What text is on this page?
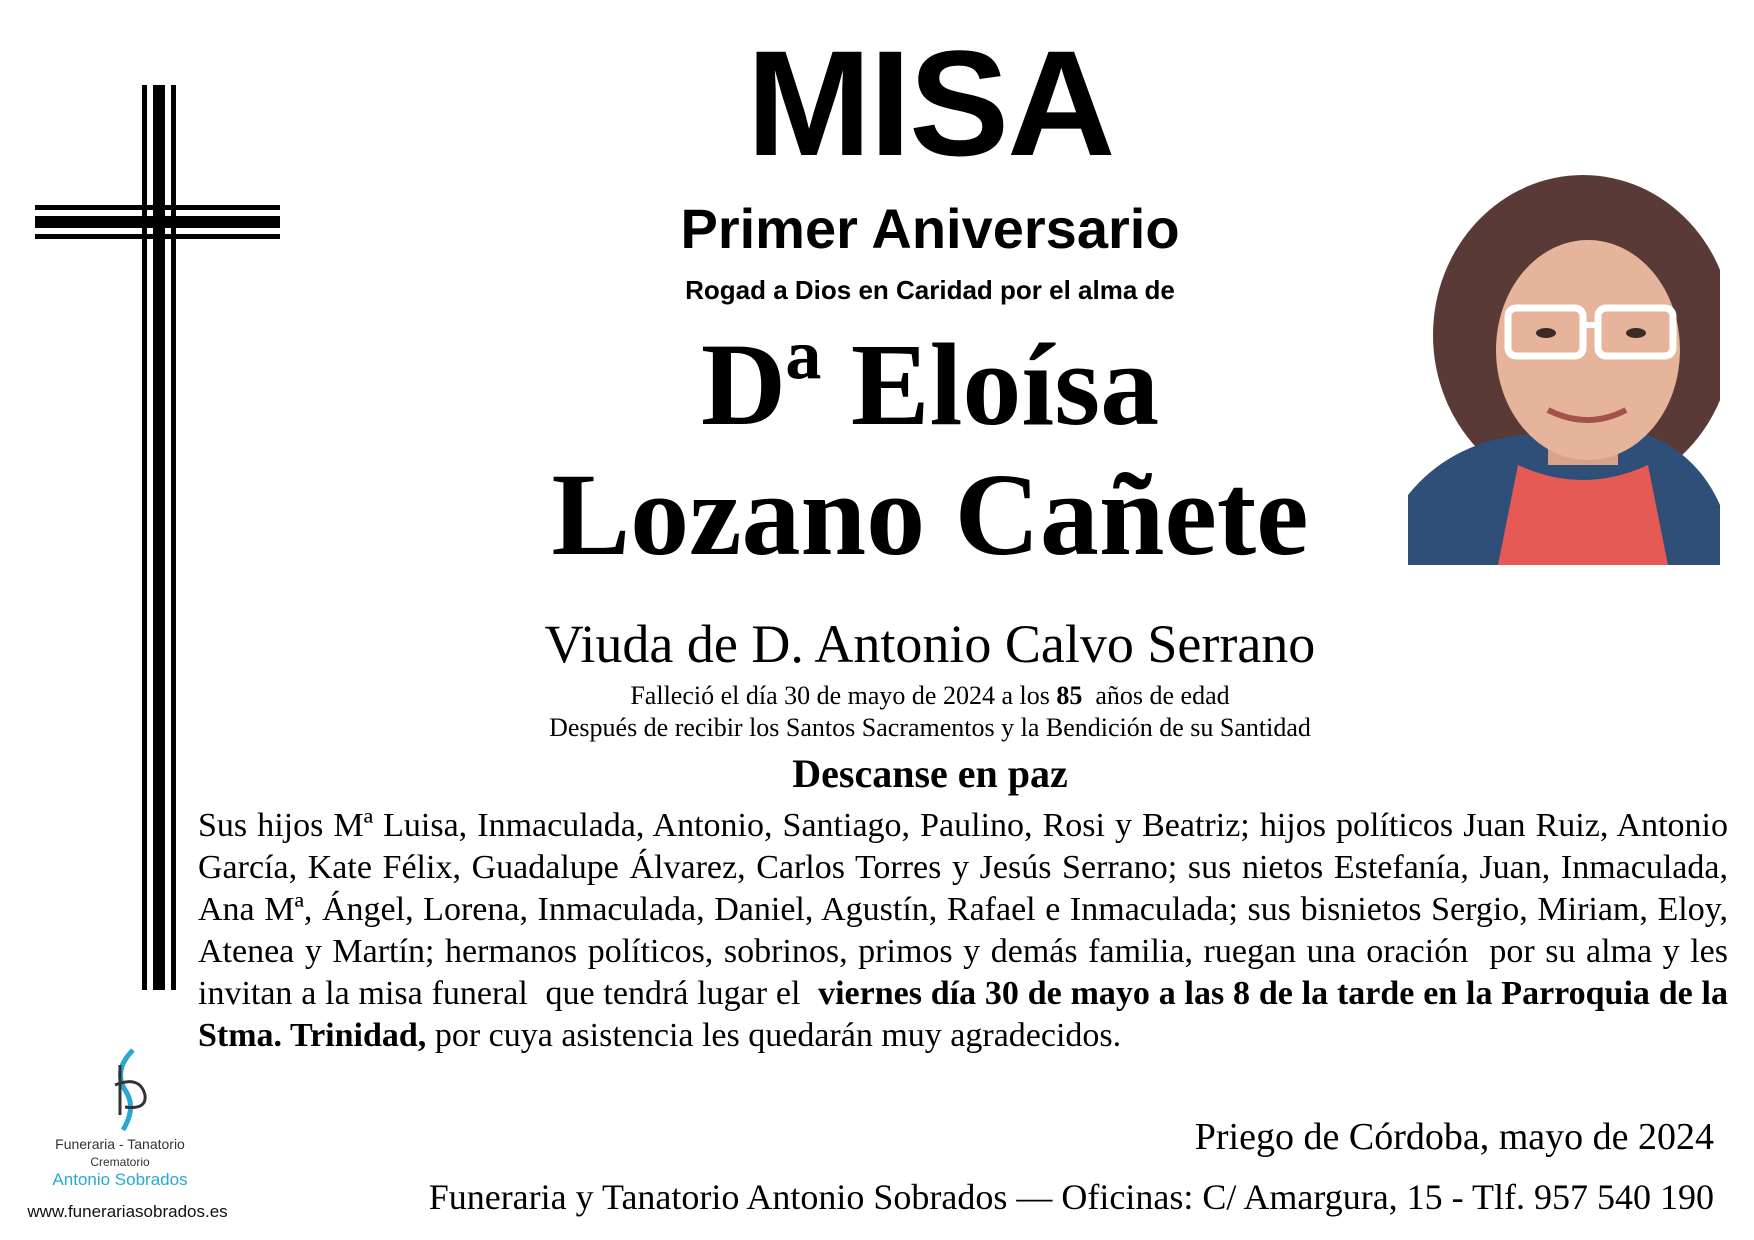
MISA
Primer Aniversario
Rogad a Dios en Caridad por el alma de
Dª Eloísa
Lozano Cañete
Viuda de D. Antonio Calvo Serrano
Falleció el día 30 de mayo de 2024 a los 85  años de edad
Después de recibir los Santos Sacramentos y la Bendición de su Santidad
Descanse en paz
Sus hijos Mª Luisa, Inmaculada, Antonio, Santiago, Paulino, Rosi y Beatriz; hijos políticos Juan Ruiz, Antonio García, Kate Félix, Guadalupe Álvarez, Carlos Torres y Jesús Serrano; sus nietos Estefanía, Juan, Inmaculada, Ana Mª, Ángel, Lorena, Inmaculada, Daniel, Agustín, Rafael e Inmaculada; sus bisnietos Sergio, Miriam, Eloy, Atenea y Martín; hermanos políticos, sobrinos, primos y demás familia, ruegan una oración  por su alma y les invitan a la misa funeral  que tendrá lugar el  viernes día 30 de mayo a las 8 de la tarde en la Parroquia de la Stma. Trinidad, por cuya asistencia les quedarán muy agradecidos.
Priego de Córdoba, mayo de 2024
Funeraria y Tanatorio Antonio Sobrados — Oficinas: C/ Amargura, 15 - Tlf. 957 540 190
Funeraria - Tanatorio
Crematorio
Antonio Sobrados
www.funerariasobrados.es
